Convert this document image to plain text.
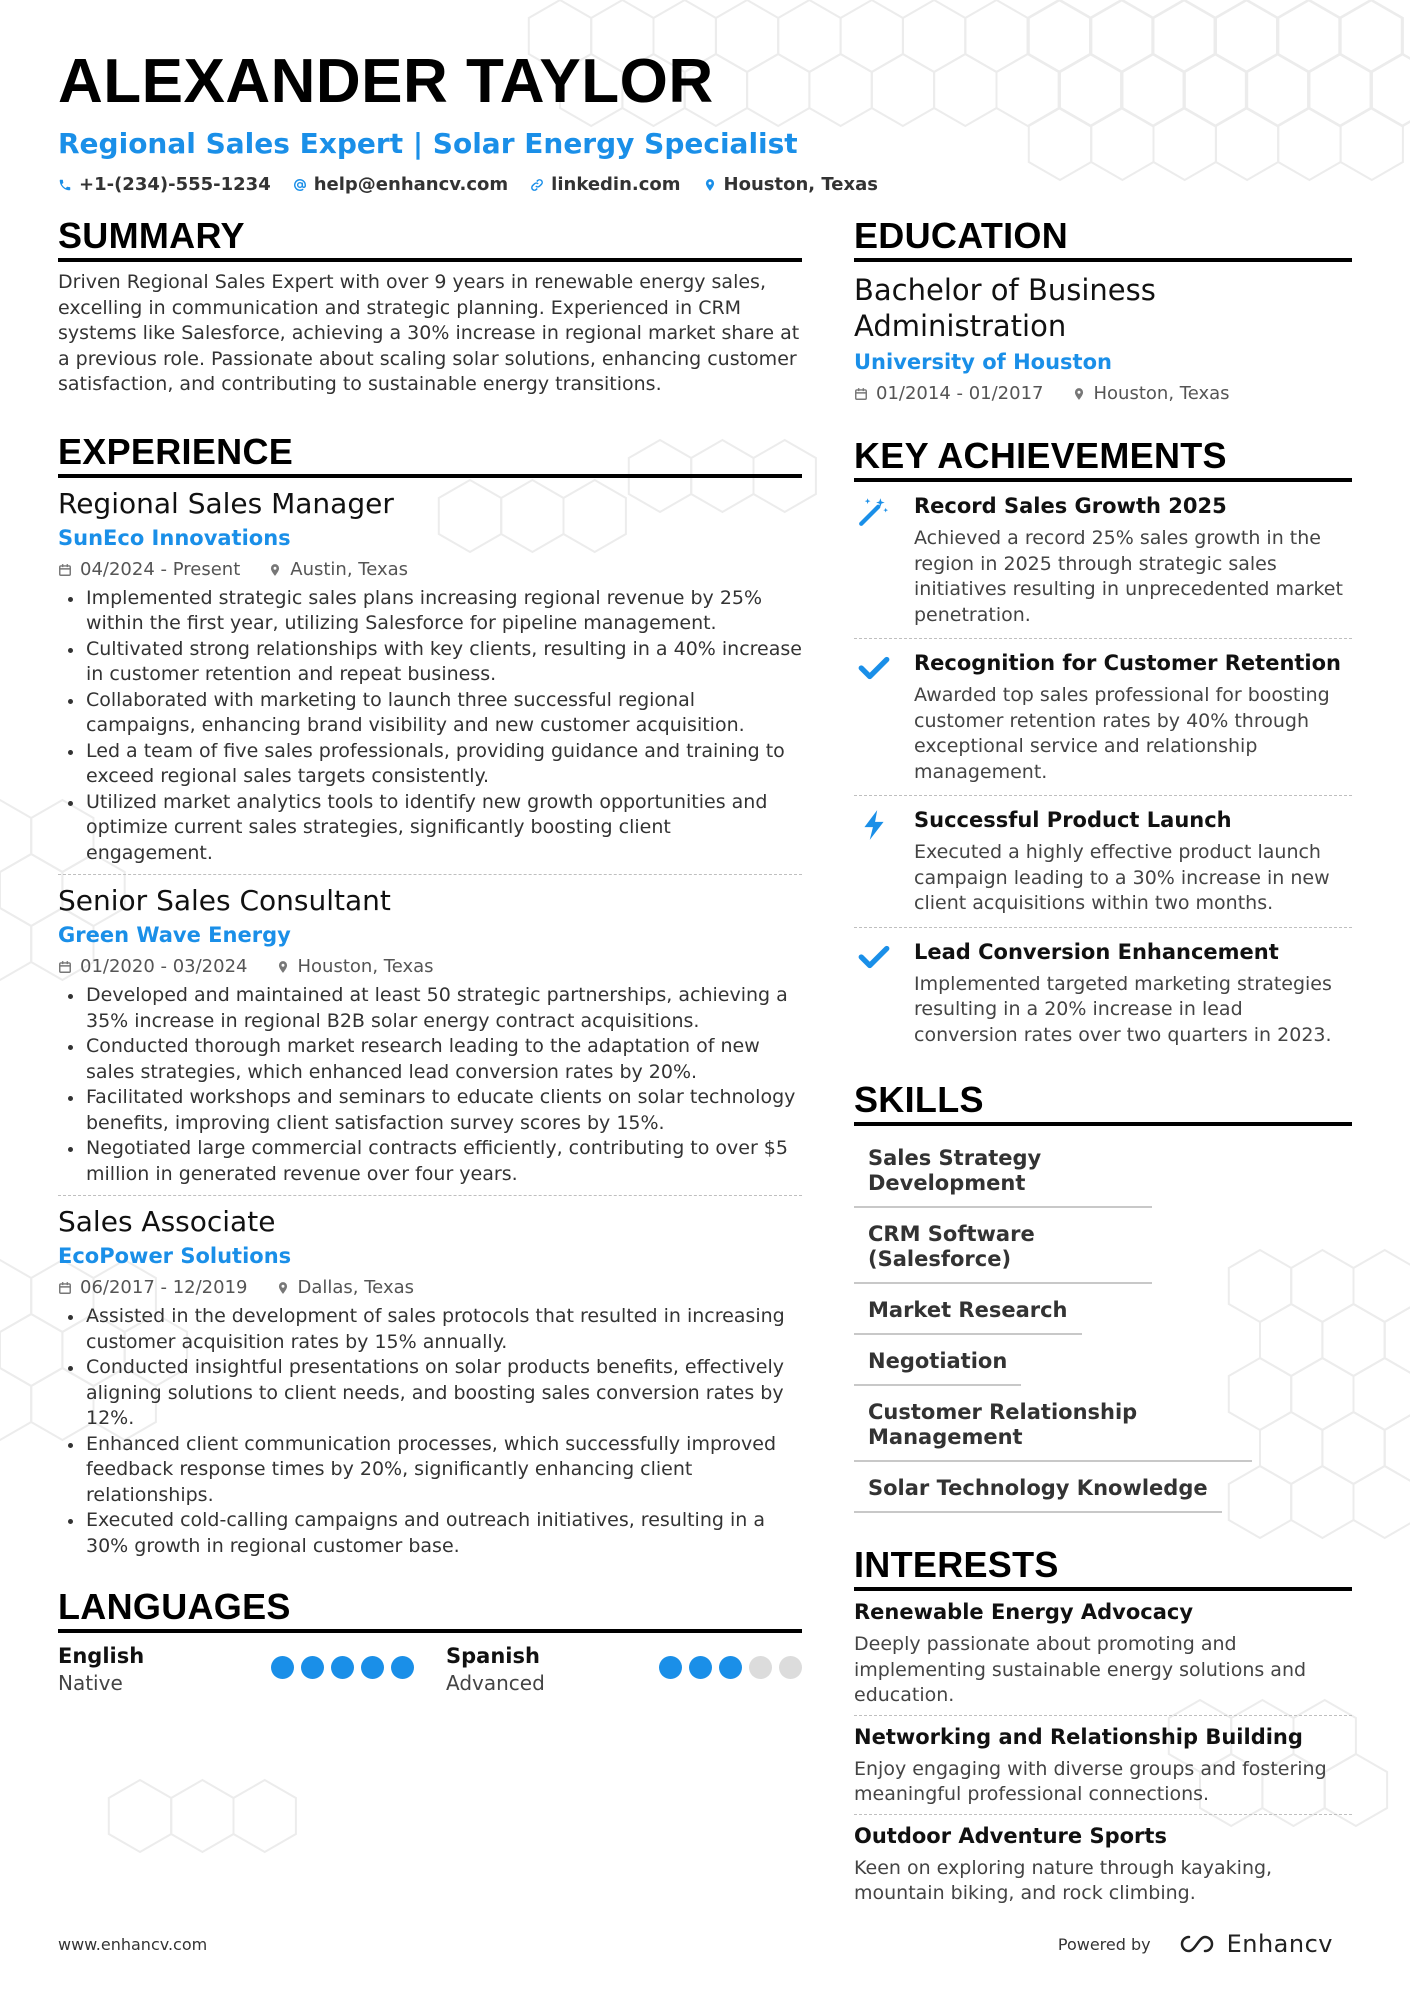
ALEXANDER TAYLOR
Regional Sales Expert | Solar Energy Specialist
+1-(234)-555-1234 help@enhancv.com linkedin.com Houston, Texas
SUMMARY

Driven Regional Sales Expert with over 9 years in renewable energy sales, excelling in communication and strategic planning. Experienced in CRM systems like Salesforce, achieving a 30% increase in regional market share at a previous role. Passionate about scaling solar solutions, enhancing customer satisfaction, and contributing to sustainable energy transitions.

EXPERIENCE
Regional Sales Manager
SunEco Innovations
04/2024 - Present	Austin, Texas
Implemented strategic sales plans increasing regional revenue by 25% within the first year, utilizing Salesforce for pipeline management.
Cultivated strong relationships with key clients, resulting in a 40% increase in customer retention and repeat business.
Collaborated with marketing to launch three successful regional campaigns, enhancing brand visibility and new customer acquisition.
Led a team of five sales professionals, providing guidance and training to exceed regional sales targets consistently.
Utilized market analytics tools to identify new growth opportunities and optimize current sales strategies, significantly boosting client engagement.
Senior Sales Consultant
Green Wave Energy
01/2020 - 03/2024	Houston, Texas
Developed and maintained at least 50 strategic partnerships, achieving a 35% increase in regional B2B solar energy contract acquisitions.
Conducted thorough market research leading to the adaptation of new sales strategies, which enhanced lead conversion rates by 20%.
Facilitated workshops and seminars to educate clients on solar technology benefits, improving client satisfaction survey scores by 15%.
Negotiated large commercial contracts efficiently, contributing to over $5 million in generated revenue over four years.
Sales Associate
EcoPower Solutions
06/2017 - 12/2019	Dallas, Texas
Assisted in the development of sales protocols that resulted in increasing customer acquisition rates by 15% annually.
Conducted insightful presentations on solar products benefits, effectively aligning solutions to client needs, and boosting sales conversion rates by 12%.
Enhanced client communication processes, which successfully improved feedback response times by 20%, significantly enhancing client relationships.
Executed cold-calling campaigns and outreach initiatives, resulting in a 30% growth in regional customer base.
LANGUAGES
English
Native
Spanish
Advanced
EDUCATION
Bachelor of Business Administration
University of Houston
01/2014 - 01/2017	Houston, Texas
KEY ACHIEVEMENTS
Record Sales Growth 2025
Achieved a record 25% sales growth in the region in 2025 through strategic sales initiatives resulting in unprecedented market penetration.
Recognition for Customer Retention
Awarded top sales professional for boosting customer retention rates by 40% through exceptional service and relationship management.
Successful Product Launch
Executed a highly effective product launch campaign leading to a 30% increase in new client acquisitions within two months.
Lead Conversion Enhancement
Implemented targeted marketing strategies resulting in a 20% increase in lead conversion rates over two quarters in 2023.
SKILLS
Sales Strategy Development
CRM Software (Salesforce)
Market Research
Negotiation
Customer Relationship Management
Solar Technology Knowledge
INTERESTS
Renewable Energy Advocacy
Deeply passionate about promoting and implementing sustainable energy solutions and education.
Networking and Relationship Building
Enjoy engaging with diverse groups and fostering meaningful professional connections.
Outdoor Adventure Sports
Keen on exploring nature through kayaking, mountain biking, and rock climbing.
www.enhancv.com	Powered by	Enhancv
